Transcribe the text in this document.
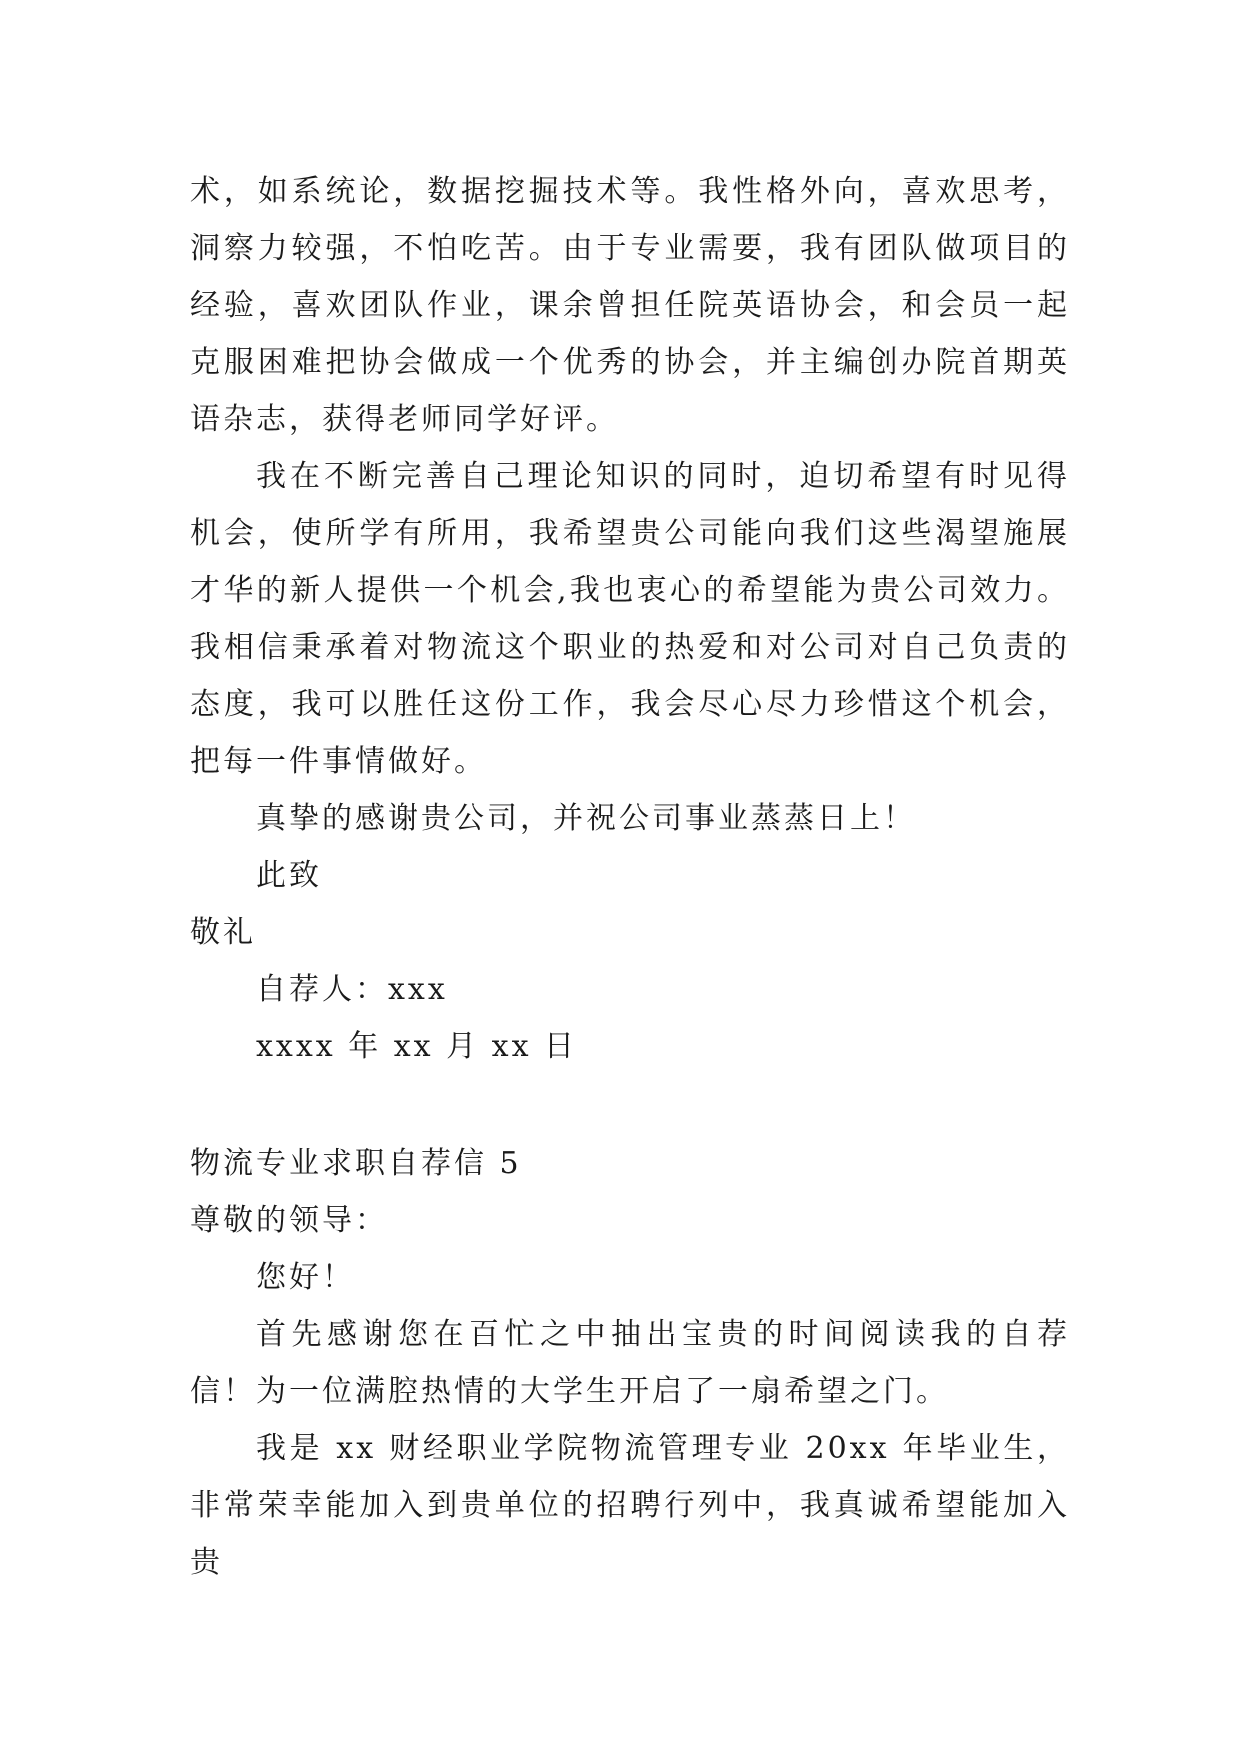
术，如系统论，数据挖掘技术等。我性格外向，喜欢思考，洞察力较强，不怕吃苦。由于专业需要，我有团队做项目的经验，喜欢团队作业，课余曾担任院英语协会，和会员一起克服困难把协会做成一个优秀的协会，并主编创办院首期英语杂志，获得老师同学好评。

我在不断完善自己理论知识的同时，迫切希望有时见得机会，使所学有所用，我希望贵公司能向我们这些渴望施展才华的新人提供一个机会,我也衷心的希望能为贵公司效力。我相信秉承着对物流这个职业的热爱和对公司对自己负责的态度，我可以胜任这份工作，我会尽心尽力珍惜这个机会，把每一件事情做好。

真挚的感谢贵公司，并祝公司事业蒸蒸日上！

此致

敬礼

自荐人：xxx

xxxx 年 xx 月 xx 日

物流专业求职自荐信 5

尊敬的领导：

您好！

首先感谢您在百忙之中抽出宝贵的时间阅读我的自荐信！为一位满腔热情的大学生开启了一扇希望之门。

我是 xx 财经职业学院物流管理专业 20xx 年毕业生，非常荣幸能加入到贵单位的招聘行列中，我真诚希望能加入贵
